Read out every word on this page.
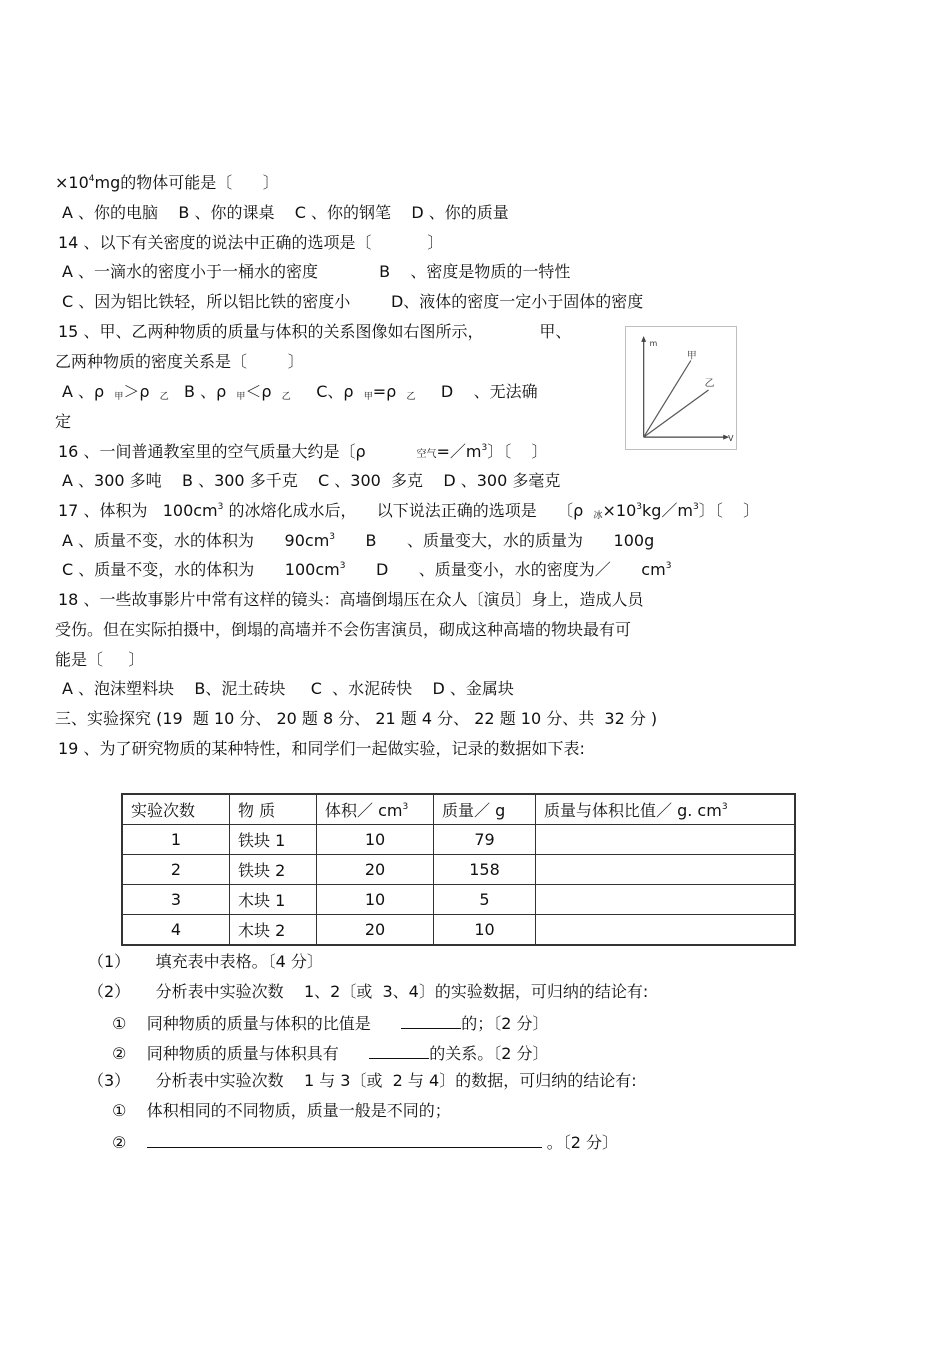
$\times 10^4mg$的物体可能是〔      〕
A 、你的电脑    B 、你的课桌    C 、你的钢笔    D 、你的质量
14 、以下有关密度的说法中正确的选项是〔           〕
A 、一滴水的密度小于一桶水的密度            B    、密度是物质的一特性
C 、因为铝比铁轻，所以铝比铁的密度小        D、液体的密度一定小于固体的密度
15 、甲、乙两种物质的质量与体积的关系图像如右图所示，           甲、
乙两种物质的密度关系是〔        〕
A 、ρ  $_甲$＞ρ  $_乙$   B 、ρ  $_甲$＜ρ  $_乙$     C、ρ  $_甲$=ρ  $_乙$     D    、无法确
定
m
V
甲
乙
16 、一间普通教室里的空气质量大约是〔ρ          空气$=/m^3$〕〔    〕
A 、300 多吨    B 、300 多千克    C 、300  多克    D 、300 多毫克
17 、体积为   $100cm^3$ 的冰熔化成水后，    以下说法正确的选项是    〔ρ  $_冰\times 10^3kg/m^3$〕〔    〕
A 、质量不变，水的体积为      $90cm^3$      B      、质量变大，水的质量为      100g
C 、质量不变，水的体积为      $100cm^3$      D      、质量变小，水的密度为／      $cm^3$
18 、一些故事影片中常有这样的镜头：高墙倒塌压在众人〔演员〕身上，造成人员
受伤。但在实际拍摄中，倒塌的高墙并不会伤害演员，砌成这种高墙的物块最有可
能是〔     〕
A 、泡沫塑料块    B、泥土砖块     C  、水泥砖快    D 、金属块
三、实验探究 (19  题 10 分、 20 题 8 分、 21 题 4 分、 22 题 10 分、共  32 分 )
19 、为了研究物质的某种特性，和同学们一起做实验，记录的数据如下表:
实验次数	物 质	体积／ $cm^3$	质量／ g	质量与体积比值／ g. $cm^3$
1	铁块 1	10	79	
2	铁块 2	20	158	
3	木块 1	10	5	
4	木块 2	20	10	
（1）     填充表中表格。〔4 分〕
（2）     分析表中实验次数    1、2〔或  3、4〕的实验数据，可归纳的结论有:
①    同种物质的质量与体积的比值是	的；〔2 分〕
②    同种物质的质量与体积具有	的关系。〔2 分〕
（3）     分析表中实验次数    1 与 3〔或  2 与 4〕的数据，可归纳的结论有:
①    体积相同的不同物质，质量一般是不同的；
②	。〔2 分〕
